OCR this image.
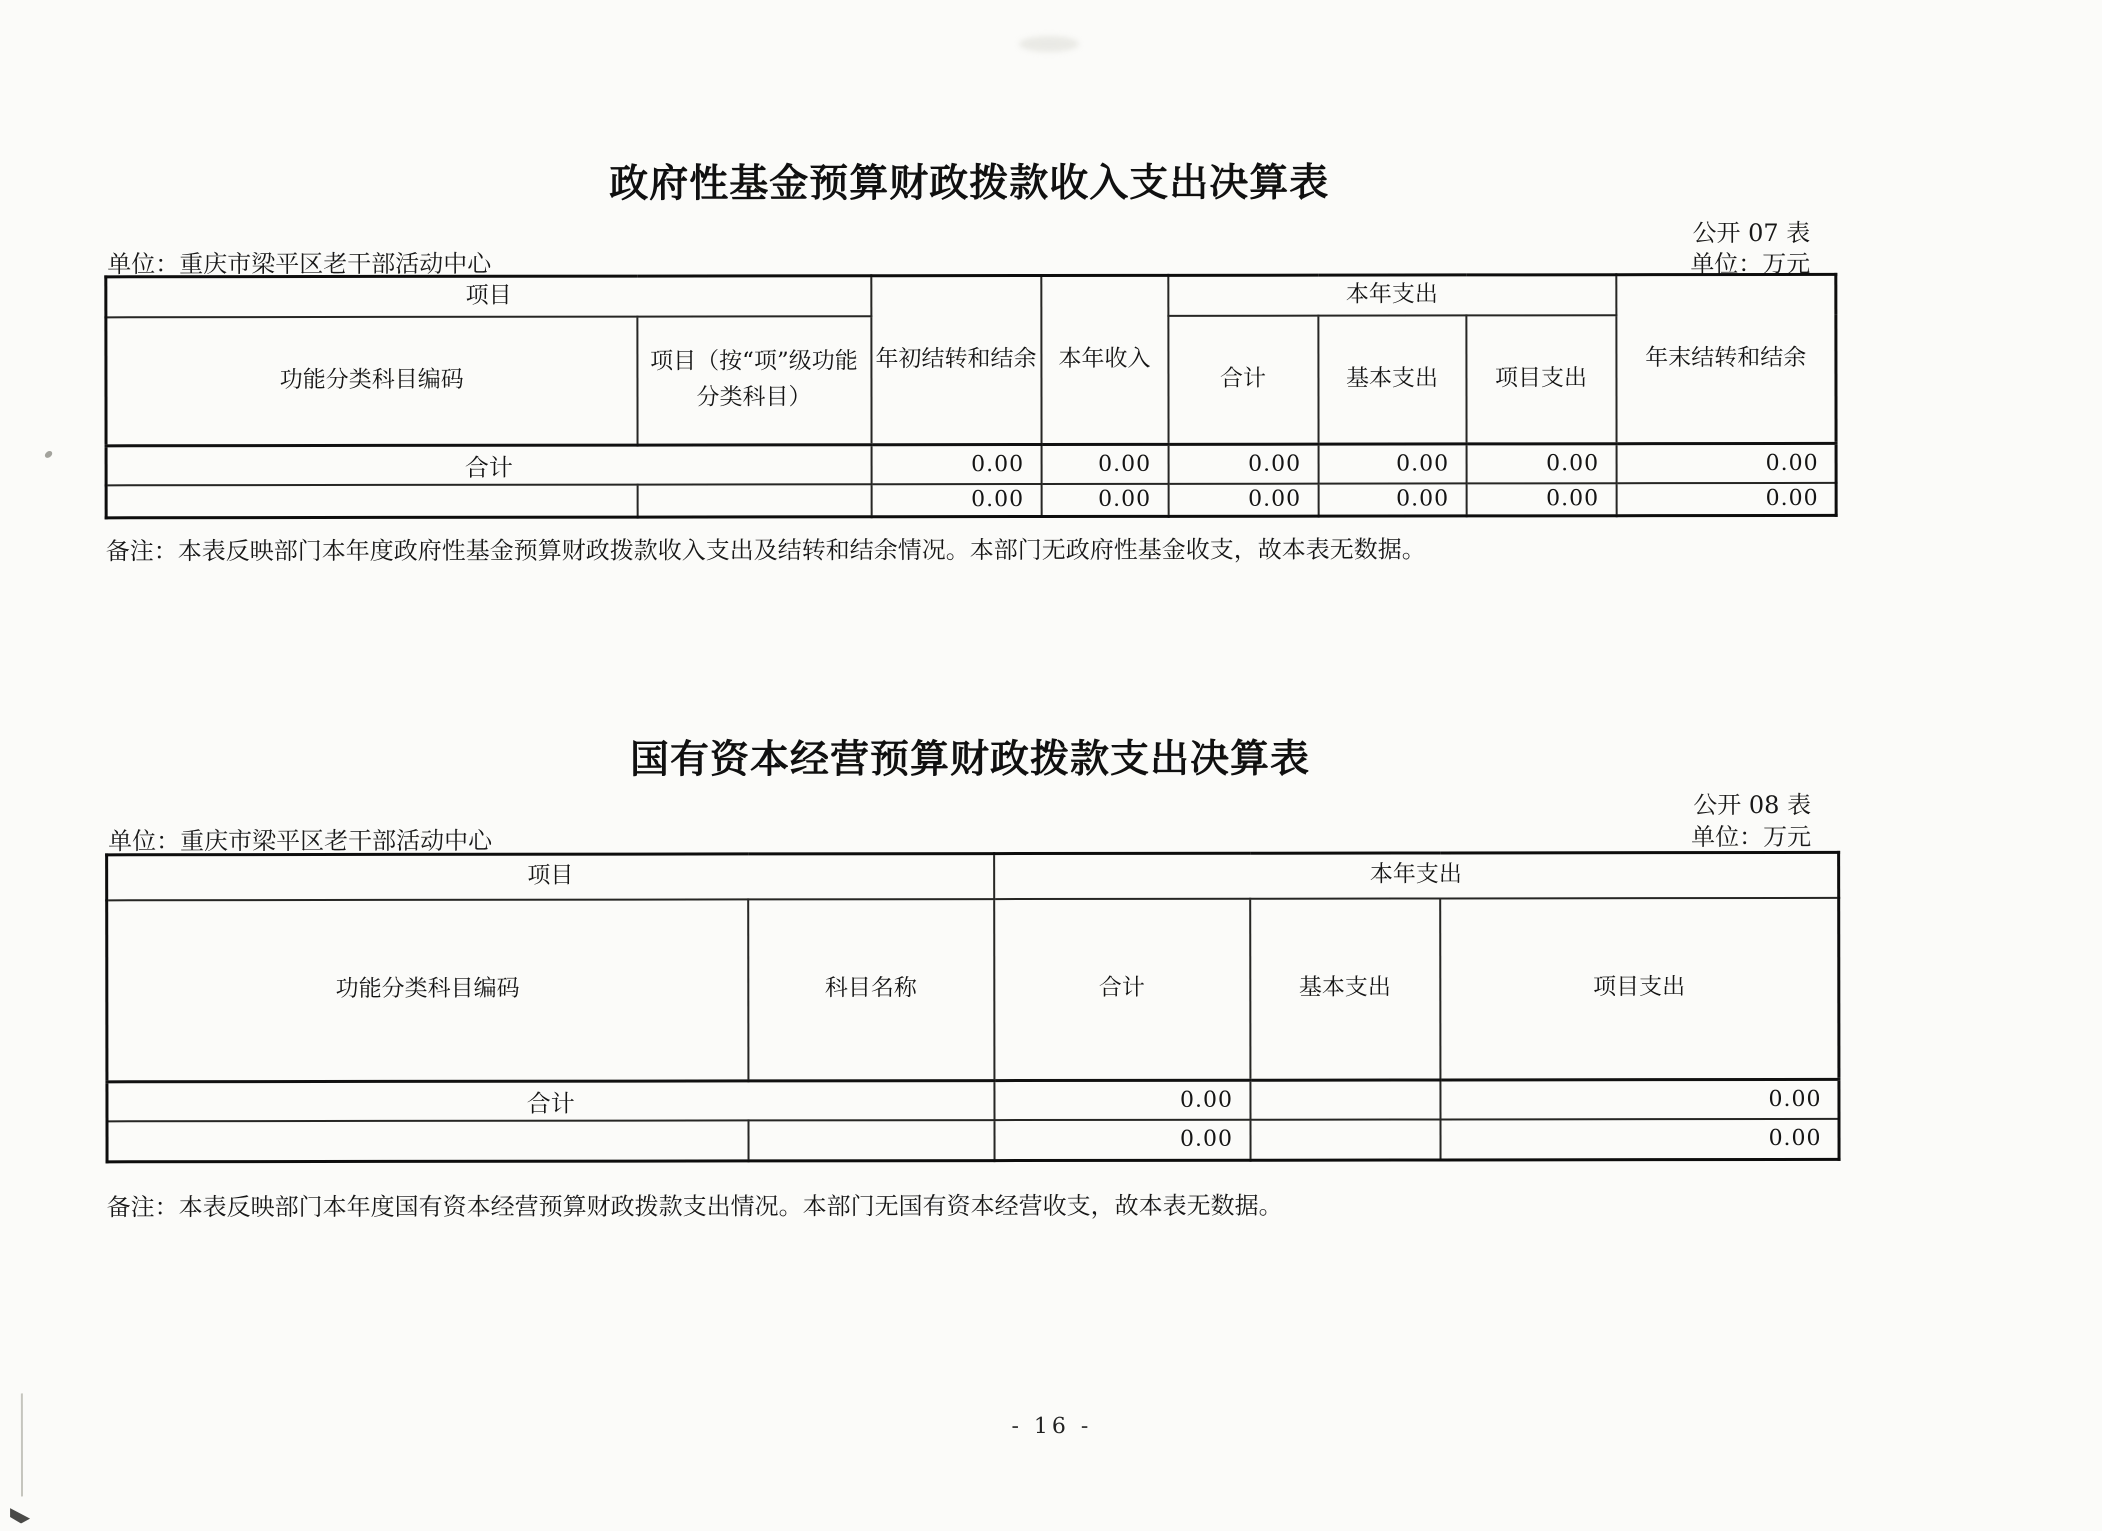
政府性基金预算财政拨款收入支出决算表
公开 07 表
单位：重庆市梁平区老干部活动中心	单位：万元
项目		年初结转和结余	本年收入	本年支出			年末结转和结余
功能分类科目编码	项目（按“项”级功能分类科目）			合计	基本支出	项目支出	
合计		0.00	0.00	0.00	0.00	0.00	0.00
		0.00	0.00	0.00	0.00	0.00	0.00
备注：本表反映部门本年度政府性基金预算财政拨款收入支出及结转和结余情况。本部门无政府性基金收支，故本表无数据。
国有资本经营预算财政拨款支出决算表
公开 08 表
单位：重庆市梁平区老干部活动中心	单位：万元
项目		本年支出		
功能分类科目编码	科目名称	合计	基本支出	项目支出
合计		0.00		0.00
		0.00		0.00
备注：本表反映部门本年度国有资本经营预算财政拨款支出情况。本部门无国有资本经营收支，故本表无数据。
- 16 -
